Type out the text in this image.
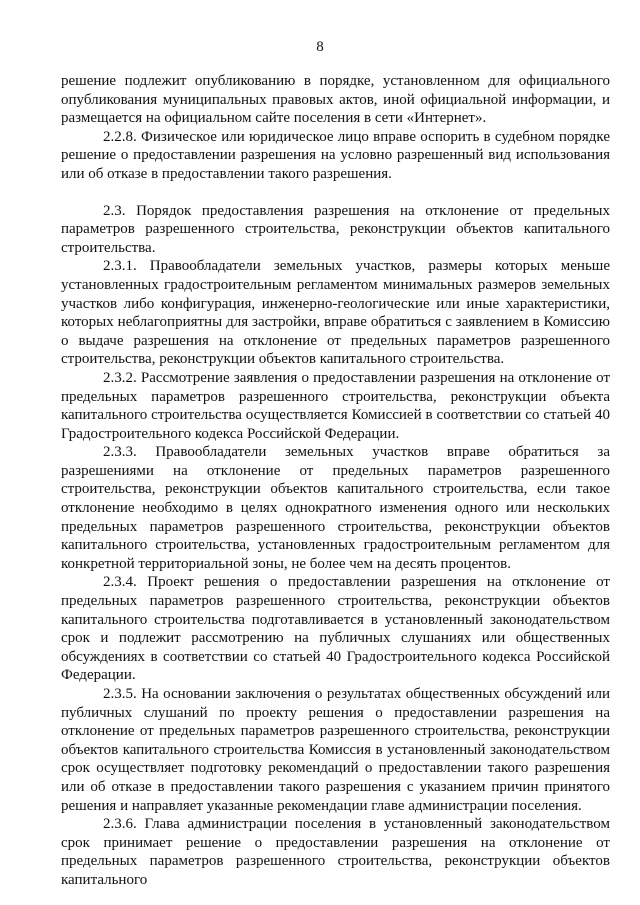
8

решение подлежит опубликованию в порядке, установленном для официального опубликования муниципальных правовых актов, иной официальной информации, и размещается на официальном сайте поселения в сети «Интернет».

2.2.8. Физическое или юридическое лицо вправе оспорить в судебном порядке решение о предоставлении разрешения на условно разрешенный вид использования или об отказе в предоставлении такого разрешения.

2.3. Порядок предоставления разрешения на отклонение от предельных параметров разрешенного строительства, реконструкции объектов капитального строительства.

2.3.1. Правообладатели земельных участков, размеры которых меньше установленных градостроительным регламентом минимальных размеров земельных участков либо конфигурация, инженерно-геологические или иные характеристики, которых неблагоприятны для застройки, вправе обратиться с заявлением в Комиссию о выдаче разрешения на отклонение от предельных параметров разрешенного строительства, реконструкции объектов капитального строительства.

2.3.2. Рассмотрение заявления о предоставлении разрешения на отклонение от предельных параметров разрешенного строительства, реконструкции объекта капитального строительства осуществляется Комиссией в соответствии со статьей 40 Градостроительного кодекса Российской Федерации.

2.3.3. Правообладатели земельных участков вправе обратиться за разрешениями на отклонение от предельных параметров разрешенного строительства, реконструкции объектов капитального строительства, если такое отклонение необходимо в целях однократного изменения одного или нескольких предельных параметров разрешенного строительства, реконструкции объектов капитального строительства, установленных градостроительным регламентом для конкретной территориальной зоны, не более чем на десять процентов.

2.3.4. Проект решения о предоставлении разрешения на отклонение от предельных параметров разрешенного строительства, реконструкции объектов капитального строительства подготавливается в установленный законодательством срок и подлежит рассмотрению на публичных слушаниях или общественных обсуждениях в соответствии со статьей 40 Градостроительного кодекса Российской Федерации.

2.3.5. На основании заключения о результатах общественных обсуждений или публичных слушаний по проекту решения о предоставлении разрешения на отклонение от предельных параметров разрешенного строительства, реконструкции объектов капитального строительства Комиссия в установленный законодательством срок осуществляет подготовку рекомендаций о предоставлении такого разрешения или об отказе в предоставлении такого разрешения с указанием причин принятого решения и направляет указанные рекомендации главе администрации поселения.

2.3.6. Глава администрации поселения в установленный законодательством срок принимает решение о предоставлении разрешения на отклонение от предельных параметров разрешенного строительства, реконструкции объектов капитального
